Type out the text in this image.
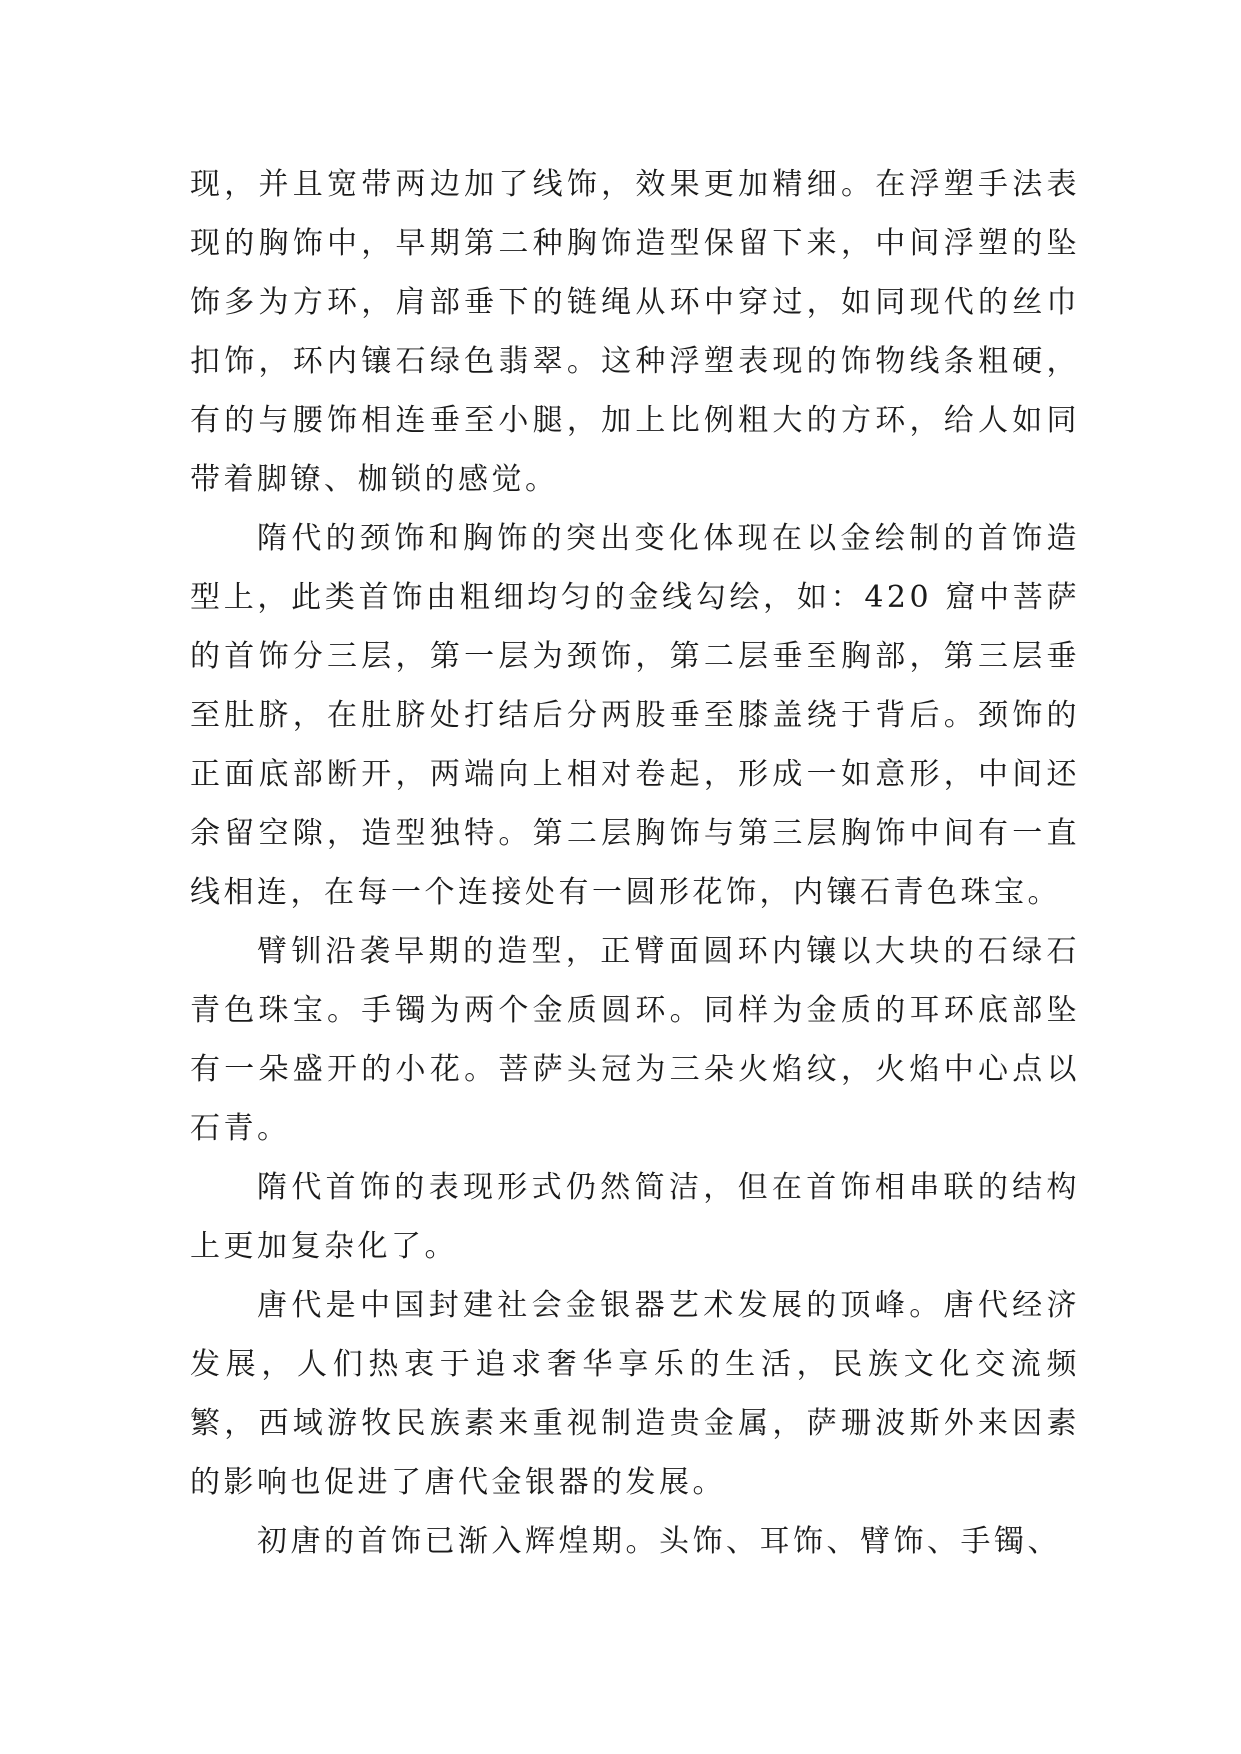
现，并且宽带两边加了线饰，效果更加精细。在浮塑手法表现的胸饰中，早期第二种胸饰造型保留下来，中间浮塑的坠饰多为方环，肩部垂下的链绳从环中穿过，如同现代的丝巾扣饰，环内镶石绿色翡翠。这种浮塑表现的饰物线条粗硬，有的与腰饰相连垂至小腿，加上比例粗大的方环，给人如同带着脚镣、枷锁的感觉。

隋代的颈饰和胸饰的突出变化体现在以金绘制的首饰造型上，此类首饰由粗细均匀的金线勾绘，如：420 窟中菩萨的首饰分三层，第一层为颈饰，第二层垂至胸部，第三层垂至肚脐，在肚脐处打结后分两股垂至膝盖绕于背后。颈饰的正面底部断开，两端向上相对卷起，形成一如意形，中间还余留空隙，造型独特。第二层胸饰与第三层胸饰中间有一直线相连，在每一个连接处有一圆形花饰，内镶石青色珠宝。

臂钏沿袭早期的造型，正臂面圆环内镶以大块的石绿石青色珠宝。手镯为两个金质圆环。同样为金质的耳环底部坠有一朵盛开的小花。菩萨头冠为三朵火焰纹，火焰中心点以石青。

隋代首饰的表现形式仍然简洁，但在首饰相串联的结构上更加复杂化了。

唐代是中国封建社会金银器艺术发展的顶峰。唐代经济发展，人们热衷于追求奢华享乐的生活，民族文化交流频繁，西域游牧民族素来重视制造贵金属，萨珊波斯外来因素的影响也促进了唐代金银器的发展。

初唐的首饰已渐入辉煌期。头饰、耳饰、臂饰、手镯、
